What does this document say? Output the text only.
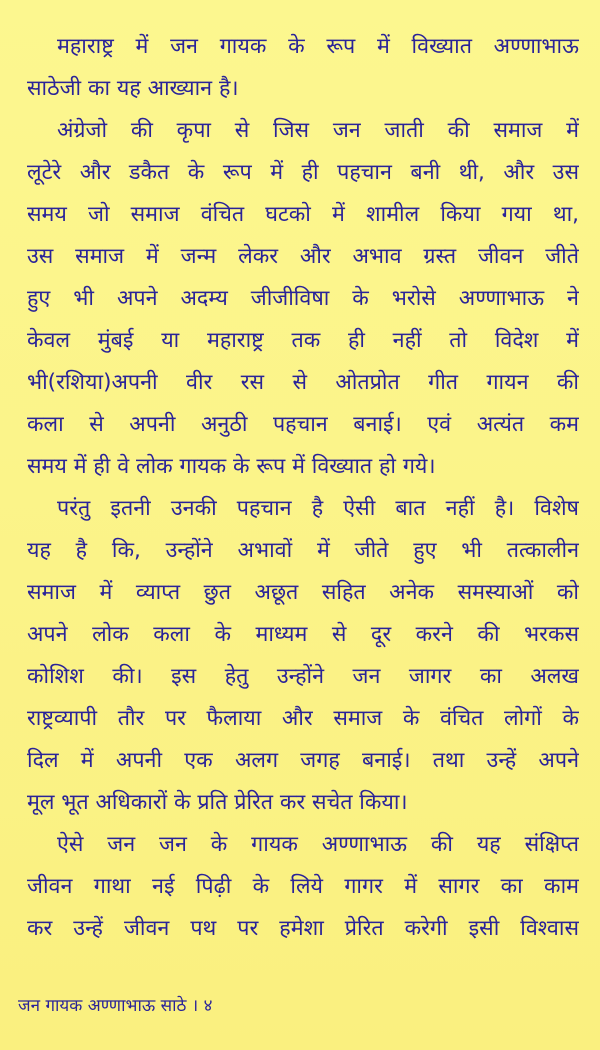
महाराष्ट्र में जन गायक के रूप में विख्यात अण्णाभाऊ
साठेजी का यह आख्यान है।
अंग्रेजो की कृपा से जिस जन जाती की समाज में
लूटेरे और डकैत के रूप में ही पहचान बनी थी, और उस
समय जो समाज वंचित घटको में शामील किया गया था,
उस समाज में जन्म लेकर और अभाव ग्रस्त जीवन जीते
हुए भी अपने अदम्य जीजीविषा के भरोसे अण्णाभाऊ ने
केवल मुंबई या महाराष्ट्र तक ही नहीं तो विदेश में
भी(रशिया)अपनी वीर रस से ओतप्रोत गीत गायन की
कला से अपनी अनुठी पहचान बनाई। एवं अत्यंत कम
समय में ही वे लोक गायक के रूप में विख्यात हो गये।
परंतु इतनी उनकी पहचान है ऐसी बात नहीं है। विशेष
यह है कि, उन्होंने अभावों में जीते हुए भी तत्कालीन
समाज में व्याप्त छुत अछूत सहित अनेक समस्याओं को
अपने लोक कला के माध्यम से दूर करने की भरकस
कोशिश की। इस हेतु उन्होंने जन जागर का अलख
राष्ट्रव्यापी तौर पर फैलाया और समाज के वंचित लोगों के
दिल में अपनी एक अलग जगह बनाई। तथा उन्हें अपने
मूल भूत अधिकारों के प्रति प्रेरित कर सचेत किया।
ऐसे जन जन के गायक अण्णाभाऊ की यह संक्षिप्त
जीवन गाथा नई पिढ़ी के लिये गागर में सागर का काम
कर उन्हें जीवन पथ पर हमेशा प्रेरित करेगी इसी विश्वास
जन गायक अण्णाभाऊ साठे । ४
